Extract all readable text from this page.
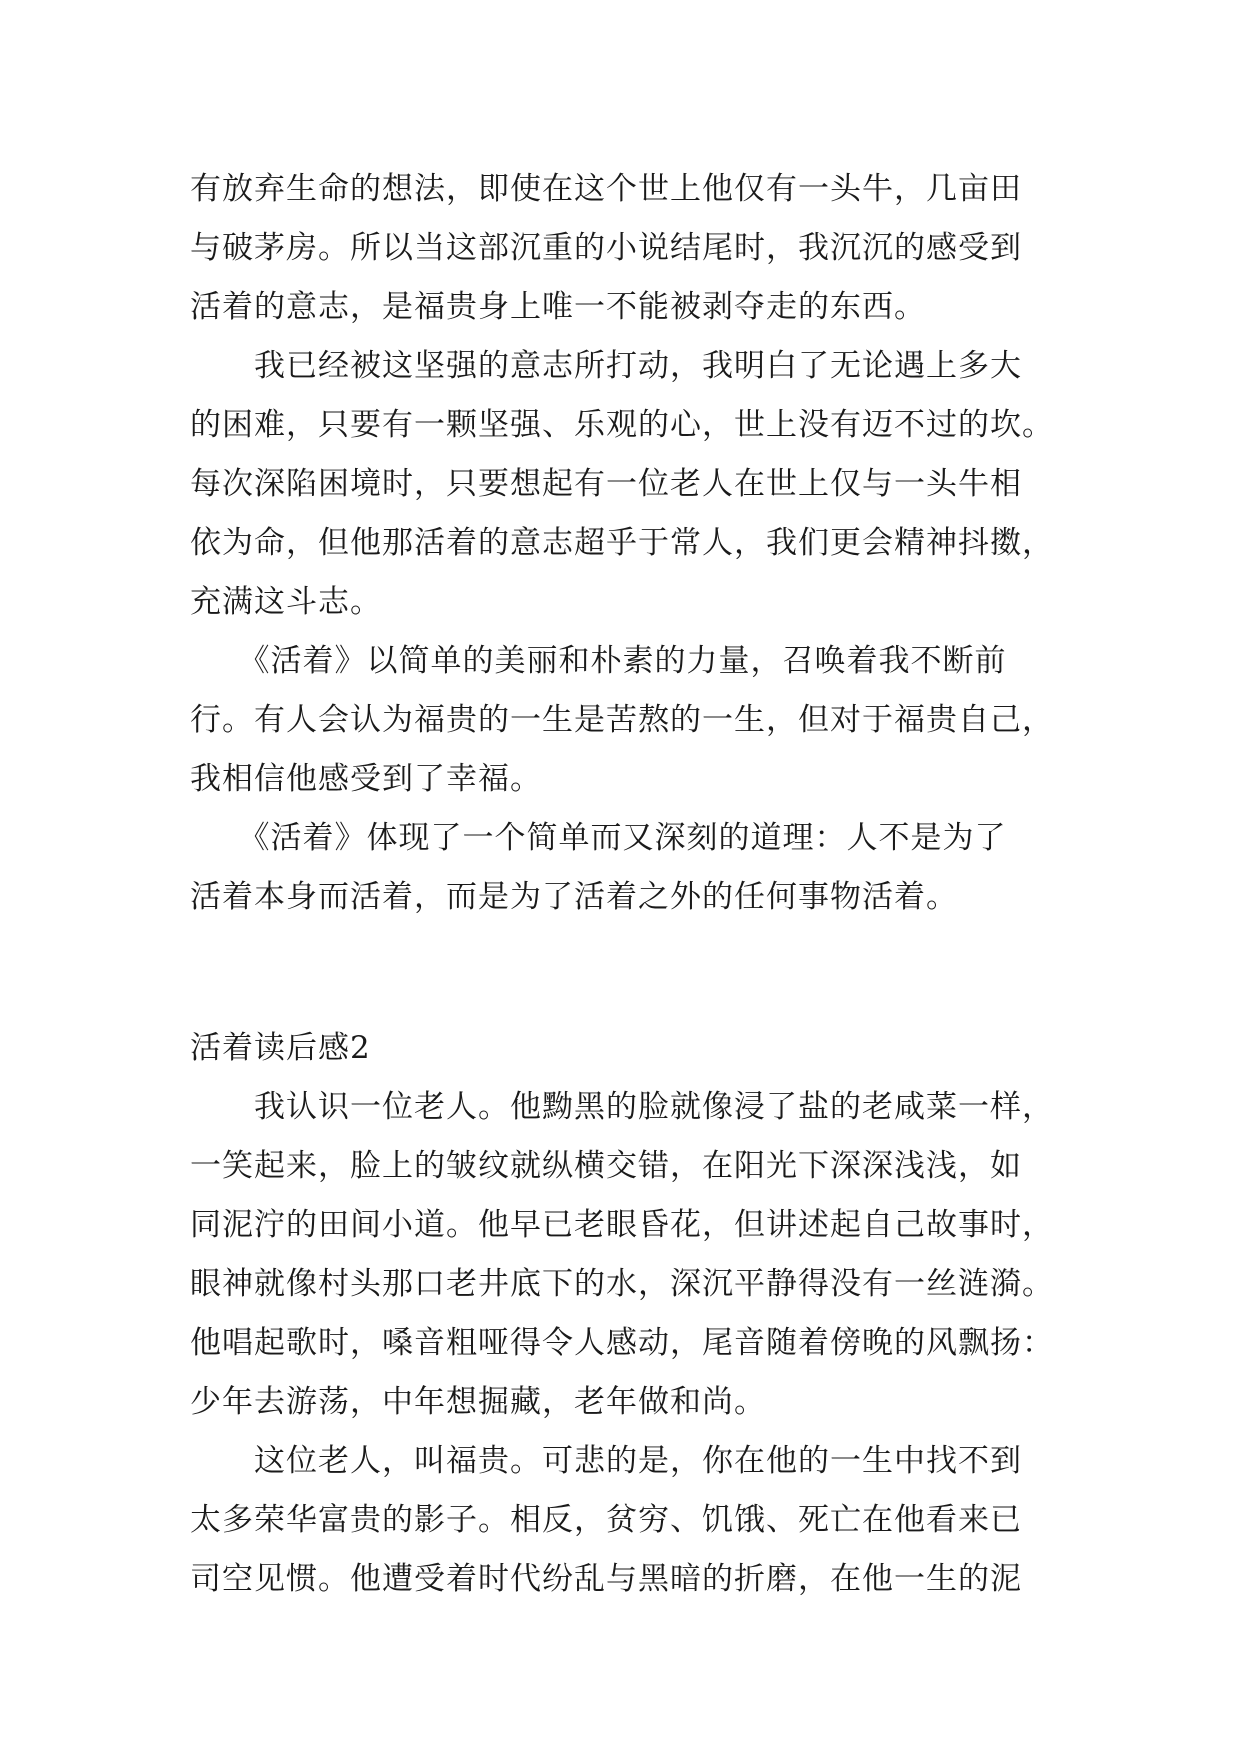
有放弃生命的想法，即使在这个世上他仅有一头牛，几亩田
与破茅房。所以当这部沉重的小说结尾时，我沉沉的感受到
活着的意志，是福贵身上唯一不能被剥夺走的东西。
　　我已经被这坚强的意志所打动，我明白了无论遇上多大
的困难，只要有一颗坚强、乐观的心，世上没有迈不过的坎。
每次深陷困境时，只要想起有一位老人在世上仅与一头牛相
依为命，但他那活着的意志超乎于常人，我们更会精神抖擞，
充满这斗志。
　　《活着》以简单的美丽和朴素的力量，召唤着我不断前
行。有人会认为福贵的一生是苦熬的一生，但对于福贵自己，
我相信他感受到了幸福。
　　《活着》体现了一个简单而又深刻的道理：人不是为了
活着本身而活着，而是为了活着之外的任何事物活着。
活着读后感2
　　我认识一位老人。他黝黑的脸就像浸了盐的老咸菜一样，
一笑起来，脸上的皱纹就纵横交错，在阳光下深深浅浅，如
同泥泞的田间小道。他早已老眼昏花，但讲述起自己故事时，
眼神就像村头那口老井底下的水，深沉平静得没有一丝涟漪。
他唱起歌时，嗓音粗哑得令人感动，尾音随着傍晚的风飘扬：
少年去游荡，中年想掘藏，老年做和尚。
　　这位老人，叫福贵。可悲的是，你在他的一生中找不到
太多荣华富贵的影子。相反，贫穷、饥饿、死亡在他看来已
司空见惯。他遭受着时代纷乱与黑暗的折磨，在他一生的泥
